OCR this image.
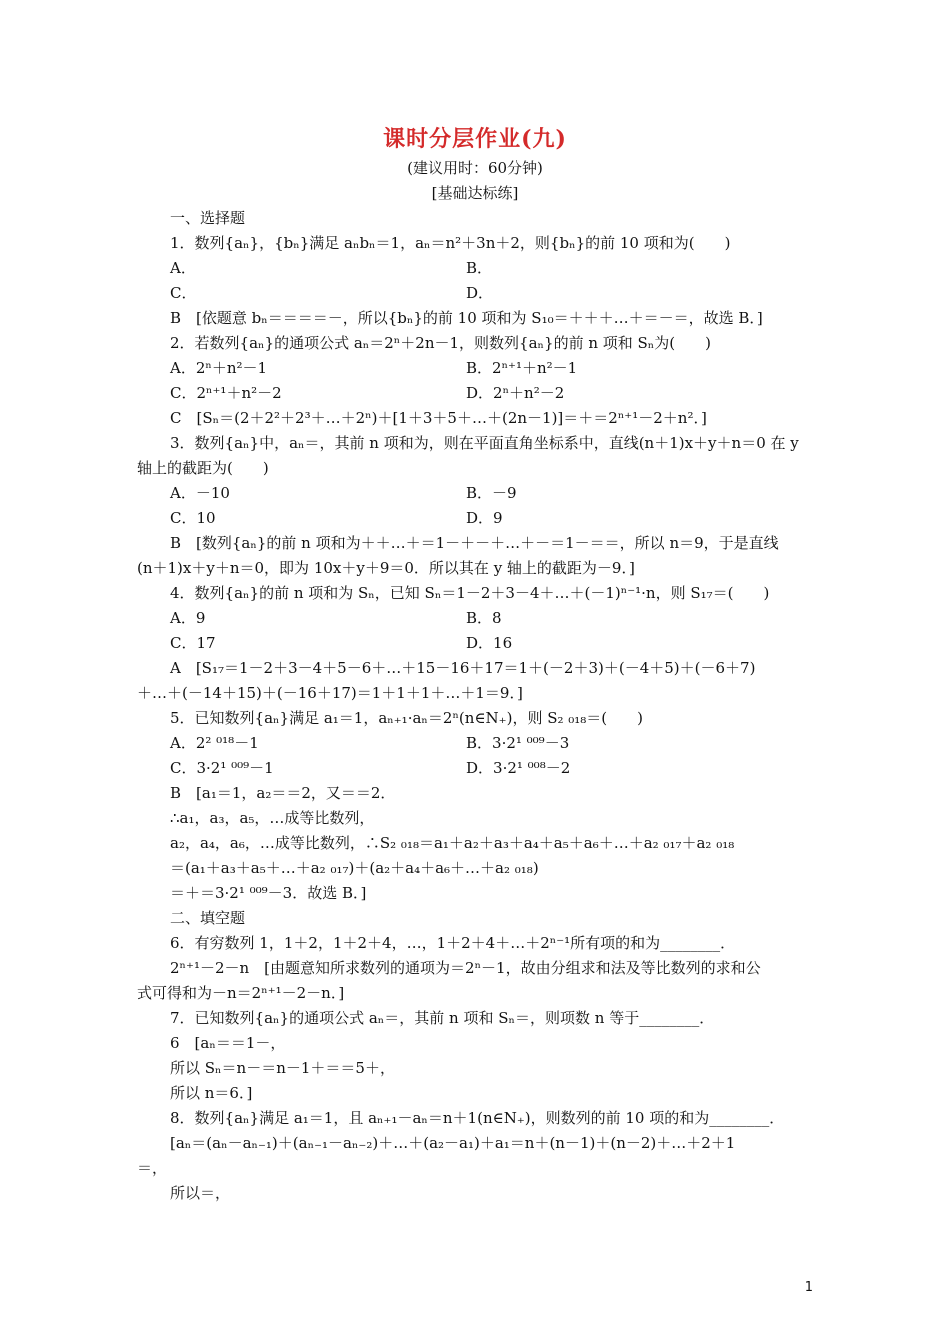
课时分层作业(九)
(建议用时：60分钟)
[基础达标练]
一、选择题
1．数列{aₙ}，{bₙ}满足 aₙbₙ＝1，aₙ＝n²＋3n＋2，则{bₙ}的前 10 项和为(　　)
A．	B．
C．	D．
B　[依题意 bₙ＝＝＝＝－，所以{bₙ}的前 10 项和为 S₁₀＝＋＋＋…＋＝－＝，故选 B．]
2．若数列{aₙ}的通项公式 aₙ＝2ⁿ＋2n－1，则数列{aₙ}的前 n 项和 Sₙ为(　　)
A．2ⁿ＋n²－1	B．2ⁿ⁺¹＋n²－1
C．2ⁿ⁺¹＋n²－2	D．2ⁿ＋n²－2
C　[Sₙ＝(2＋2²＋2³＋…＋2ⁿ)＋[1＋3＋5＋…＋(2n－1)]＝＋＝2ⁿ⁺¹－2＋n²．]
3．数列{aₙ}中，aₙ＝，其前 n 项和为，则在平面直角坐标系中，直线(n＋1)x＋y＋n＝0 在 y
轴上的截距为(　　)
A．－10	B．－9
C．10	D．9
B　[数列{aₙ}的前 n 项和为＋＋…＋＝1－＋－＋…＋－＝1－＝＝，所以 n＝9，于是直线
(n＋1)x＋y＋n＝0，即为 10x＋y＋9＝0．所以其在 y 轴上的截距为－9．]
4．数列{aₙ}的前 n 项和为 Sₙ，已知 Sₙ＝1－2＋3－4＋…＋(－1)ⁿ⁻¹·n，则 S₁₇＝(　　)
A．9	B．8
C．17	D．16
A　[S₁₇＝1－2＋3－4＋5－6＋…＋15－16＋17＝1＋(－2＋3)＋(－4＋5)＋(－6＋7)
＋…＋(－14＋15)＋(－16＋17)＝1＋1＋1＋…＋1＝9．]
5．已知数列{aₙ}满足 a₁＝1，aₙ₊₁·aₙ＝2ⁿ(n∈N₊)，则 S₂ ₀₁₈＝(　　)
A．2² ⁰¹⁸－1	B．3·2¹ ⁰⁰⁹－3
C．3·2¹ ⁰⁰⁹－1	D．3·2¹ ⁰⁰⁸－2
B　[a₁＝1，a₂＝＝2，又＝＝2．
∴a₁，a₃，a₅，…成等比数列，
a₂，a₄，a₆，…成等比数列，∴S₂ ₀₁₈＝a₁＋a₂＋a₃＋a₄＋a₅＋a₆＋…＋a₂ ₀₁₇＋a₂ ₀₁₈
＝(a₁＋a₃＋a₅＋…＋a₂ ₀₁₇)＋(a₂＋a₄＋a₆＋…＋a₂ ₀₁₈)
＝＋＝3·2¹ ⁰⁰⁹－3．故选 B．]
二、填空题
6．有穷数列 1，1＋2，1＋2＋4，…，1＋2＋4＋…＋2ⁿ⁻¹所有项的和为________．
2ⁿ⁺¹－2－n　[由题意知所求数列的通项为＝2ⁿ－1，故由分组求和法及等比数列的求和公
式可得和为－n＝2ⁿ⁺¹－2－n．]
7．已知数列{aₙ}的通项公式 aₙ＝，其前 n 项和 Sₙ＝，则项数 n 等于________．
6　[aₙ＝＝1－，
所以 Sₙ＝n－＝n－1＋＝＝5＋，
所以 n＝6．]
8．数列{aₙ}满足 a₁＝1，且 aₙ₊₁－aₙ＝n＋1(n∈N₊)，则数列的前 10 项的和为________．
[aₙ＝(aₙ－aₙ₋₁)＋(aₙ₋₁－aₙ₋₂)＋…＋(a₂－a₁)＋a₁＝n＋(n－1)＋(n－2)＋…＋2＋1
＝，
所以＝，
1
